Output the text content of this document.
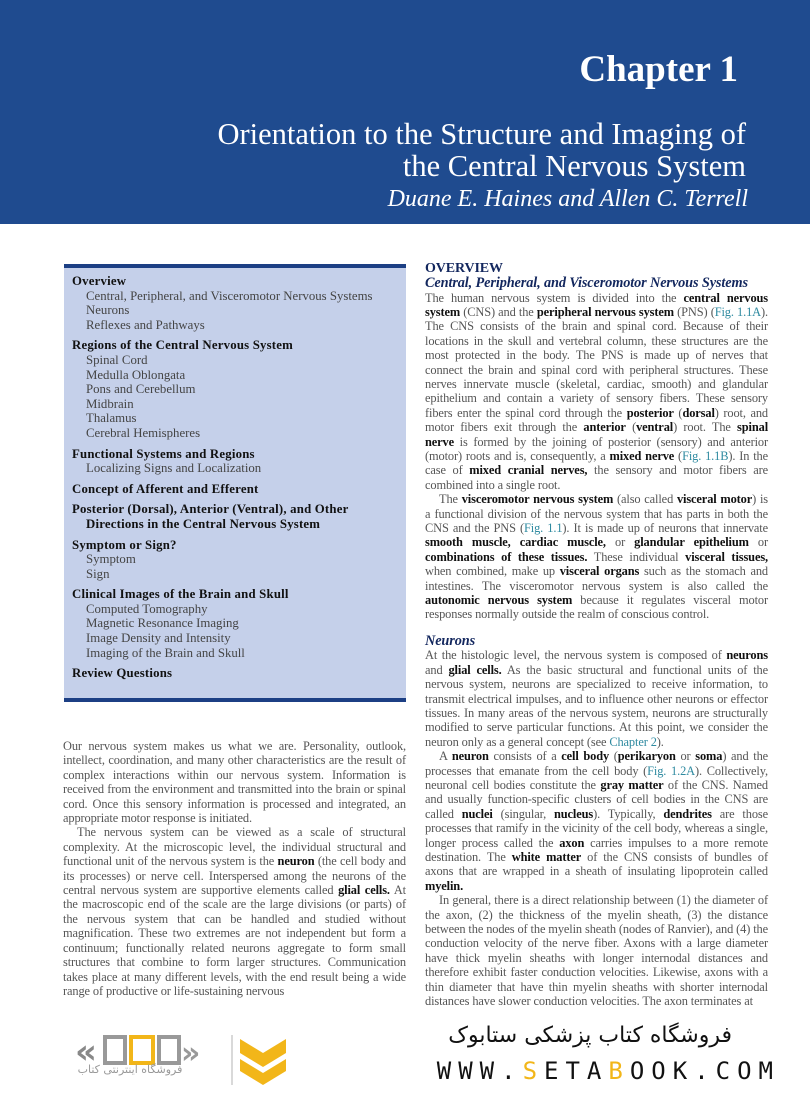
Chapter 1
Orientation to the Structure and Imaging of
the Central Nervous System
Duane E. Haines and Allen C. Terrell
Overview
Central, Peripheral, and Visceromotor Nervous Systems
Neurons
Reflexes and Pathways
Regions of the Central Nervous System
Spinal Cord
Medulla Oblongata
Pons and Cerebellum
Midbrain
Thalamus
Cerebral Hemispheres
Functional Systems and Regions
Localizing Signs and Localization
Concept of Afferent and Efferent
Posterior (Dorsal), Anterior (Ventral), and Other Directions in the Central Nervous System
Symptom or Sign?
Symptom
Sign
Clinical Images of the Brain and Skull
Computed Tomography
Magnetic Resonance Imaging
Image Density and Intensity
Imaging of the Brain and Skull
Review Questions

Our nervous system makes us what we are. Personality, outlook, intellect, coordination, and many other characteristics are the result of complex interactions within our nervous system. Information is received from the environment and transmitted into the brain or spinal cord. Once this sensory information is processed and integrated, an appropriate motor response is initiated.

The nervous system can be viewed as a scale of structural complexity. At the microscopic level, the individual structural and functional unit of the nervous system is the neuron (the cell body and its processes) or nerve cell. Interspersed among the neurons of the central nervous system are supportive elements called glial cells. At the macroscopic end of the scale are the large divisions (or parts) of the nervous system that can be handled and studied without magnification. These two extremes are not independent but form a continuum; functionally related neurons aggregate to form small structures that combine to form larger structures. Communication takes place at many different levels, with the end result being a wide range of productive or life-sustaining nervous

OVERVIEW
Central, Peripheral, and Visceromotor Nervous Systems

The human nervous system is divided into the central nervous system (CNS) and the peripheral nervous system (PNS) (Fig. 1.1A). The CNS consists of the brain and spinal cord. Because of their locations in the skull and vertebral column, these structures are the most protected in the body. The PNS is made up of nerves that connect the brain and spinal cord with peripheral structures. These nerves innervate muscle (skeletal, cardiac, smooth) and glandular epithelium and contain a variety of sensory fibers. These sensory fibers enter the spinal cord through the posterior (dorsal) root, and motor fibers exit through the anterior (ventral) root. The spinal nerve is formed by the joining of posterior (sensory) and anterior (motor) roots and is, consequently, a mixed nerve (Fig. 1.1B). In the case of mixed cranial nerves, the sensory and motor fibers are combined into a single root.

The visceromotor nervous system (also called visceral motor) is a functional division of the nervous system that has parts in both the CNS and the PNS (Fig. 1.1). It is made up of neurons that innervate smooth muscle, cardiac muscle, or glandular epithelium or combinations of these tissues. These individual visceral tissues, when combined, make up visceral organs such as the stomach and intestines. The visceromotor nervous system is also called the autonomic nervous system because it regulates visceral motor responses normally outside the realm of conscious control.

Neurons

At the histologic level, the nervous system is composed of neurons and glial cells. As the basic structural and functional units of the nervous system, neurons are specialized to receive information, to transmit electrical impulses, and to influence other neurons or effector tissues. In many areas of the nervous system, neurons are structurally modified to serve particular functions. At this point, we consider the neuron only as a general concept (see Chapter 2).

A neuron consists of a cell body (perikaryon or soma) and the processes that emanate from the cell body (Fig. 1.2A). Collectively, neuronal cell bodies constitute the gray matter of the CNS. Named and usually function-specific clusters of cell bodies in the CNS are called nuclei (singular, nucleus). Typically, dendrites are those processes that ramify in the vicinity of the cell body, whereas a single, longer process called the axon carries impulses to a more remote destination. The white matter of the CNS consists of bundles of axons that are wrapped in a sheath of insulating lipoprotein called myelin.

In general, there is a direct relationship between (1) the diameter of the axon, (2) the thickness of the myelin sheath, (3) the distance between the nodes of the myelin sheath (nodes of Ranvier), and (4) the conduction velocity of the nerve fiber. Axons with a large diameter have thick myelin sheaths with longer internodal distances and therefore exhibit faster conduction velocities. Likewise, axons with a thin diameter that have thin myelin sheaths with shorter internodal distances have slower conduction velocities. The axon terminates at

«	»
فروشگاه اینترنتی کتاب
فروشگاه کتاب پزشکی ستابوک
WWW.SETABOOK.COM
